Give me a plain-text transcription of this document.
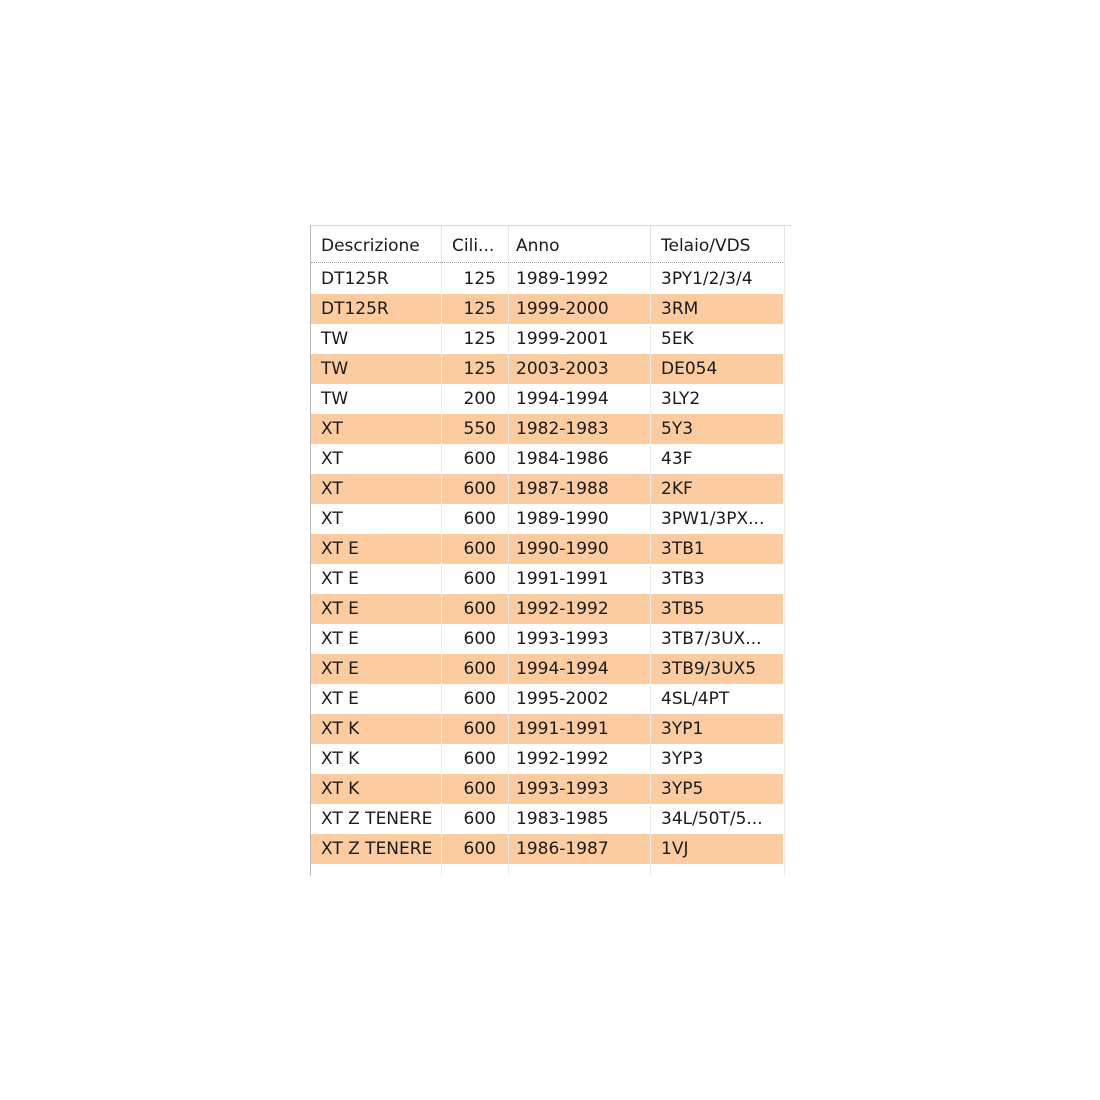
Descrizione	Cili...	Anno	Telaio/VDS
DT125R	125	1989-1992	3PY1/2/3/4
DT125R	125	1999-2000	3RM
TW	125	1999-2001	5EK
TW	125	2003-2003	DE054
TW	200	1994-1994	3LY2
XT	550	1982-1983	5Y3
XT	600	1984-1986	43F
XT	600	1987-1988	2KF
XT	600	1989-1990	3PW1/3PX...
XT E	600	1990-1990	3TB1
XT E	600	1991-1991	3TB3
XT E	600	1992-1992	3TB5
XT E	600	1993-1993	3TB7/3UX...
XT E	600	1994-1994	3TB9/3UX5
XT E	600	1995-2002	4SL/4PT
XT K	600	1991-1991	3YP1
XT K	600	1992-1992	3YP3
XT K	600	1993-1993	3YP5
XT Z TENERE	600	1983-1985	34L/50T/5...
XT Z TENERE	600	1986-1987	1VJ
